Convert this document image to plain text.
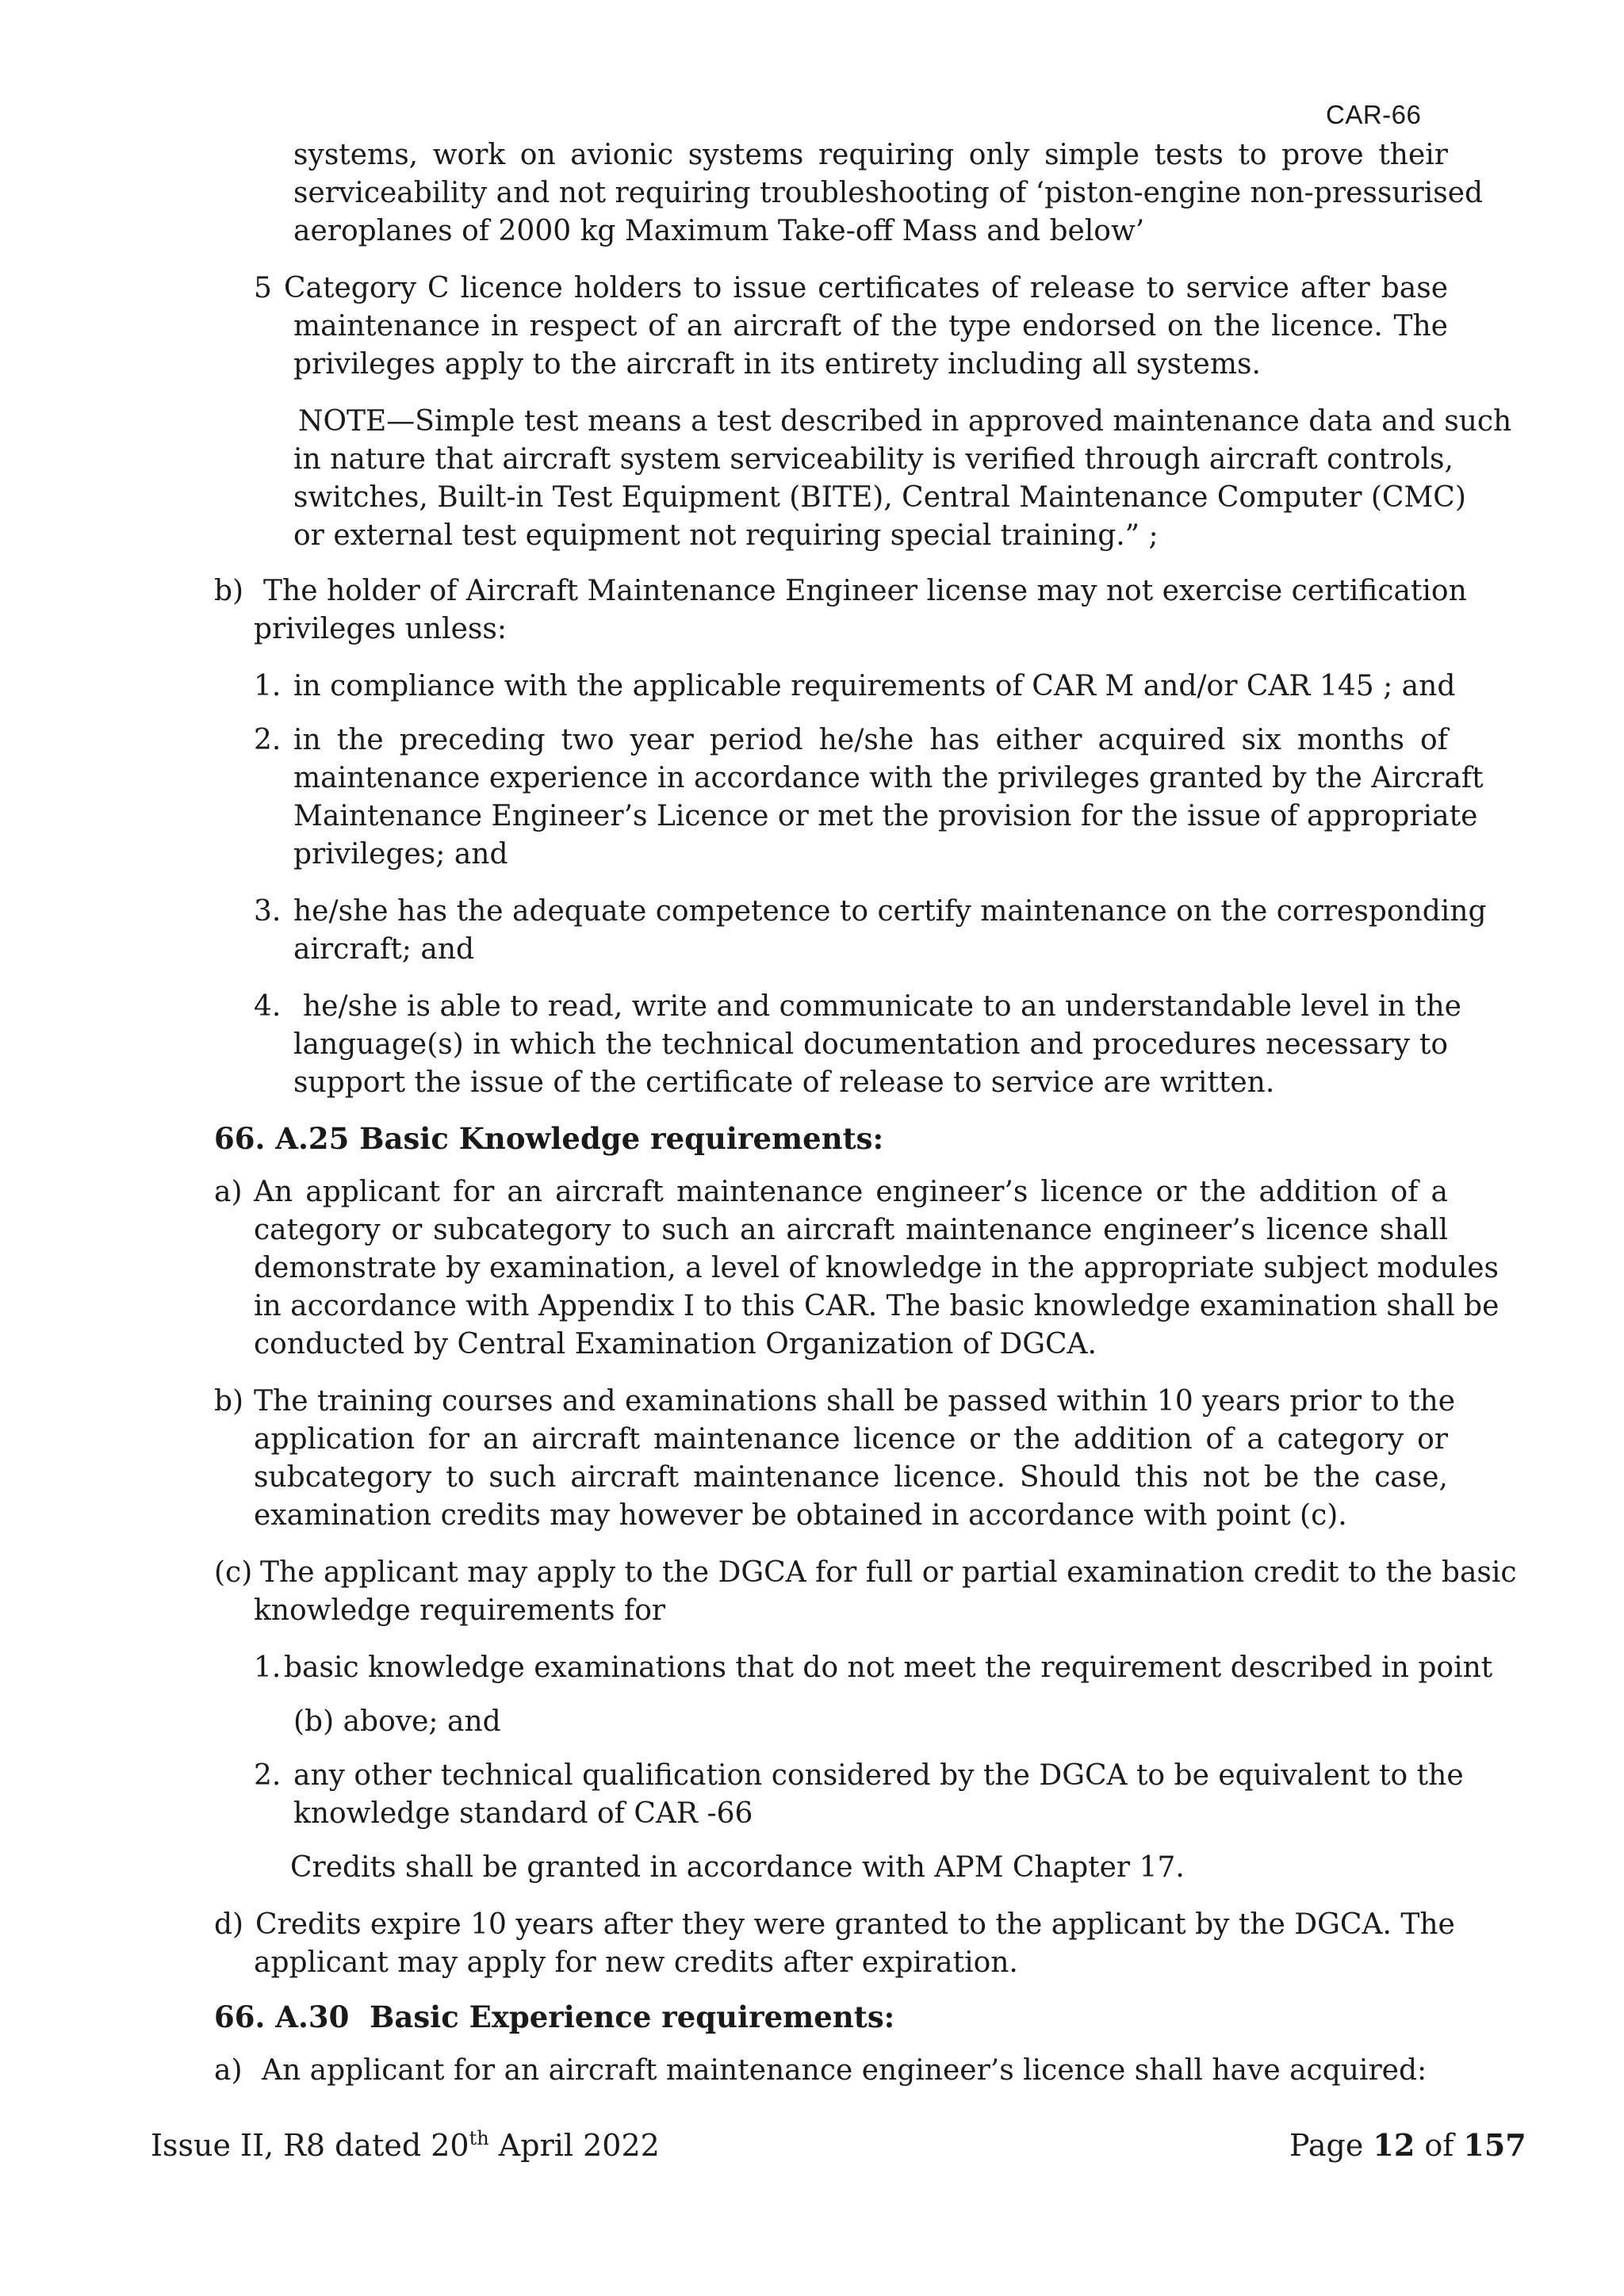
CAR-66
systems, work on avionic systems requiring only simple tests to prove their
serviceability and not requiring troubleshooting of ‘piston-engine non-pressurised
aeroplanes of 2000 kg Maximum Take-off Mass and below’
5 Category C licence holders to issue certificates of release to service after base
maintenance in respect of an aircraft of the type endorsed on the licence. The
privileges apply to the aircraft in its entirety including all systems.
NOTE—Simple test means a test described in approved maintenance data and such
in nature that aircraft system serviceability is verified through aircraft controls,
switches, Built-in Test Equipment (BITE), Central Maintenance Computer (CMC)
or external test equipment not requiring special training.” ;
b) The holder of Aircraft Maintenance Engineer license may not exercise certification
privileges unless:
1. in compliance with the applicable requirements of CAR M and/or CAR 145 ; and
2. in the preceding two year period he/she has either acquired six months of
maintenance experience in accordance with the privileges granted by the Aircraft
Maintenance Engineer’s Licence or met the provision for the issue of appropriate
privileges; and
3. he/she has the adequate competence to certify maintenance on the corresponding
aircraft; and
4. he/she is able to read, write and communicate to an understandable level in the
language(s) in which the technical documentation and procedures necessary to
support the issue of the certificate of release to service are written.
66. A.25 Basic Knowledge requirements:
a) An applicant for an aircraft maintenance engineer’s licence or the addition of a
category or subcategory to such an aircraft maintenance engineer’s licence shall
demonstrate by examination, a level of knowledge in the appropriate subject modules
in accordance with Appendix I to this CAR. The basic knowledge examination shall be
conducted by Central Examination Organization of DGCA.
b) The training courses and examinations shall be passed within 10 years prior to the
application for an aircraft maintenance licence or the addition of a category or
subcategory to such aircraft maintenance licence. Should this not be the case,
examination credits may however be obtained in accordance with point (c).
(c) The applicant may apply to the DGCA for full or partial examination credit to the basic
knowledge requirements for
1. basic knowledge examinations that do not meet the requirement described in point
(b) above; and
2. any other technical qualification considered by the DGCA to be equivalent to the
knowledge standard of CAR -66
Credits shall be granted in accordance with APM Chapter 17.
d) Credits expire 10 years after they were granted to the applicant by the DGCA. The
applicant may apply for new credits after expiration.
66. A.30  Basic Experience requirements:
a) An applicant for an aircraft maintenance engineer’s licence shall have acquired:
Issue II, R8 dated 20th April 2022	Page 12 of 157
